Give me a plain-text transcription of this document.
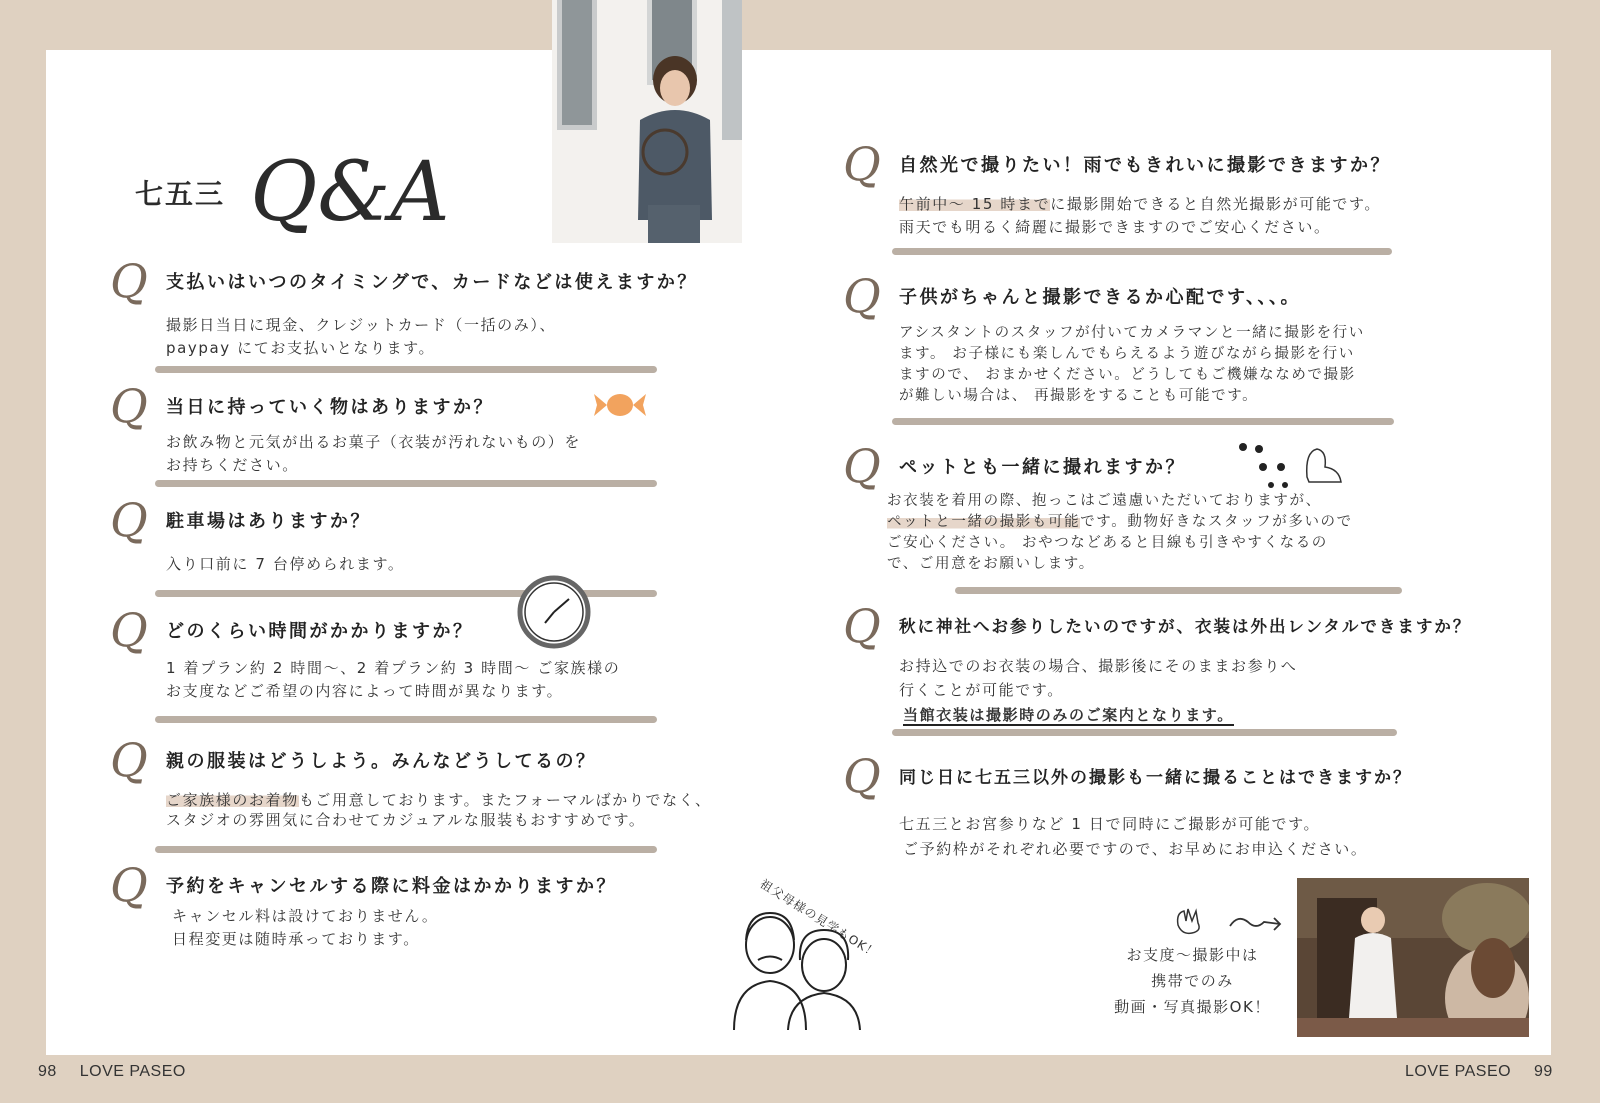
七五三 Q&A
Q 支払いはいつのタイミングで、カードなどは使えますか？
撮影日当日に現金、クレジットカード（一括のみ）、
paypay にてお支払いとなります。
Q 当日に持っていく物はありますか？
お飲み物と元気が出るお菓子（衣装が汚れないもの）を
お持ちください。
Q 駐車場はありますか？
入り口前に 7 台停められます。
Q どのくらい時間がかかりますか？
1 着プラン約 2 時間〜、2 着プラン約 3 時間〜 ご家族様の
お支度などご希望の内容によって時間が異なります。
Q 親の服装はどうしよう。みんなどうしてるの？
ご家族様のお着物もご用意しております。またフォーマルばかりでなく、
スタジオの雰囲気に合わせてカジュアルな服装もおすすめです。
Q 予約をキャンセルする際に料金はかかりますか？
キャンセル料は設けておりません。
日程変更は随時承っております。	祖父母様の見学もOK！
Q 自然光で撮りたい！雨でもきれいに撮影できますか？
午前中〜 15 時までに撮影開始できると自然光撮影が可能です。
雨天でも明るく綺麗に撮影できますのでご安心ください。
Q 子供がちゃんと撮影できるか心配です、、、。
アシスタントのスタッフが付いてカメラマンと一緒に撮影を行い
ます。 お子様にも楽しんでもらえるよう遊びながら撮影を行い
ますので、 おまかせください。どうしてもご機嫌ななめで撮影
が難しい場合は、 再撮影をすることも可能です。
Q ペットとも一緒に撮れますか？
お衣装を着用の際、抱っこはご遠慮いただいておりますが、
ペットと一緒の撮影も可能です。動物好きなスタッフが多いので
ご安心ください。 おやつなどあると目線も引きやすくなるの
で、ご用意をお願いします。
Q 秋に神社へお参りしたいのですが、衣装は外出レンタルできますか？
お持込でのお衣装の場合、撮影後にそのままお参りへ
行くことが可能です。
当館衣装は撮影時のみのご案内となります。
Q 同じ日に七五三以外の撮影も一緒に撮ることはできますか？
七五三とお宮参りなど 1 日で同時にご撮影が可能です。
ご予約枠がそれぞれ必要ですので、お早めにお申込ください。
お支度〜撮影中は
携帯でのみ
動画・写真撮影OK！
98 LOVE PASEO	LOVE PASEO 99
